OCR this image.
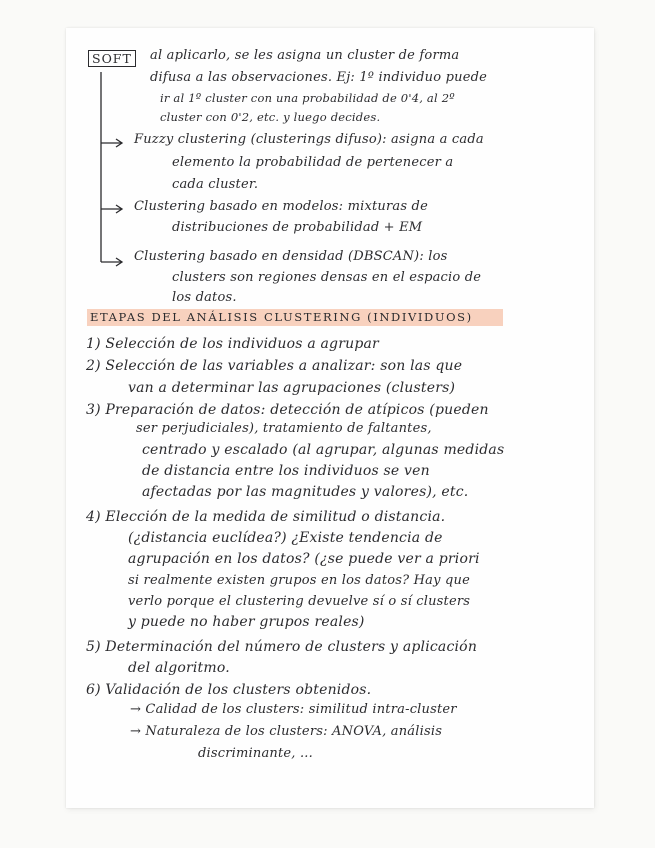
SOFT	al aplicarlo, se les asigna un cluster de forma
difusa a las observaciones. Ej: 1º individuo puede
ir al 1º cluster con una probabilidad de 0'4, al 2º
cluster con 0'2, etc. y luego decides.
Fuzzy clustering (clusterings difuso): asigna a cada
elemento la probabilidad de pertenecer a
cada cluster.
Clustering basado en modelos: mixturas de
distribuciones de probabilidad + EM
Clustering basado en densidad (DBSCAN): los
clusters son regiones densas en el espacio de
los datos.
ETAPAS DEL ANÁLISIS CLUSTERING (INDIVIDUOS)
1) Selección de los individuos a agrupar
2) Selección de las variables a analizar: son las que
van a determinar las agrupaciones (clusters)
3) Preparación de datos: detección de atípicos (pueden
ser perjudiciales), tratamiento de faltantes,
centrado y escalado (al agrupar, algunas medidas
de distancia entre los individuos se ven
afectadas por las magnitudes y valores), etc.
4) Elección de la medida de similitud o distancia.
(¿distancia euclídea?) ¿Existe tendencia de
agrupación en los datos? (¿se puede ver a priori
si realmente existen grupos en los datos? Hay que
verlo porque el clustering devuelve sí o sí clusters
y puede no haber grupos reales)
5) Determinación del número de clusters y aplicación
del algoritmo.
6) Validación de los clusters obtenidos.
→ Calidad de los clusters: similitud intra-cluster
→ Naturaleza de los clusters: ANOVA, análisis
discriminante, ...
